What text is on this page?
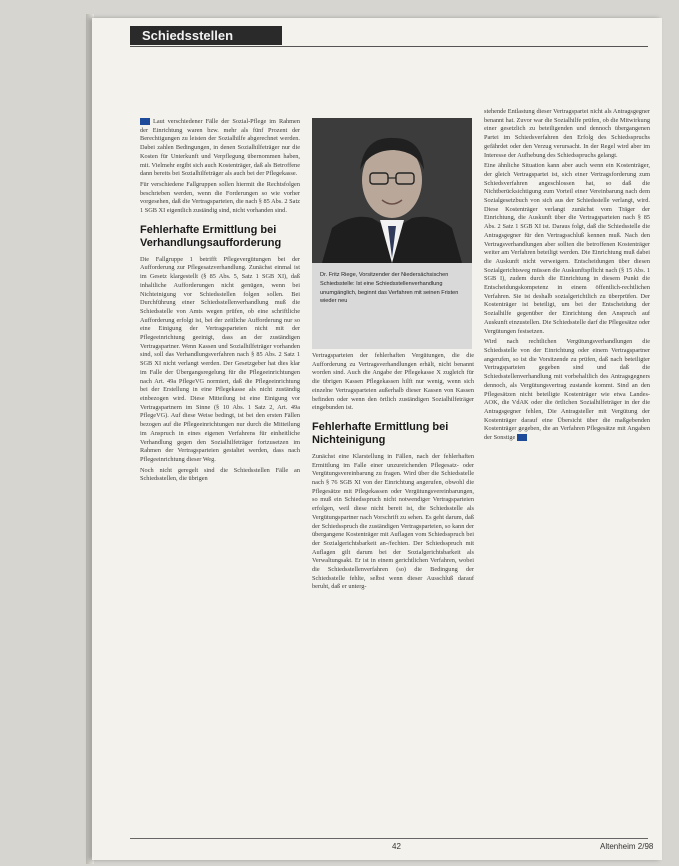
Schiedsstellen

Laut verschiedener Fälle der Sozial-Pflege im Rahmen der Einrichtung waren bzw. mehr als fünf Prozent der Berechtigungen zu leisten der Sozialhilfe abgerechnet werden. Dabei zahlen Bedingungen, in denen Sozialhilfeträger nur die Kosten für Unterkunft und Verpflegung übernommen haben, mit. Vielmehr ergibt sich auch Kostenträger, daß als Betroffene dann bereits bei Sozialhilfeträger als auch bei der Pflegekasse.

Für verschiedene Fallgruppen sollen hiermit die Rechtsfolgen beschrieben werden, wenn die Forderungen so wie vorher vorgesehen, daß die Vertragsparteien, die nach § 85 Abs. 2 Satz 1 SGB XI eigentlich zuständig sind, nicht vorhanden sind.

Fehlerhafte Ermittlung bei Verhandlungsaufforderung

Die Fallgruppe 1 betrifft Pflegevergütungen bei der Aufforderung zur Pflegesatzverhandlung. Zunächst einmal ist im Gesetz klargestellt (§ 85 Abs. 5, Satz 1 SGB XI), daß inhaltliche Aufforderungen nicht genügen, wenn bei Nichteinigung vor Schiedsstellen folgen sollen. Bei Durchführung einer Schiedsstellenverhandlung muß die Schiedsstelle von Amts wegen prüfen, ob eine schriftliche Aufforderung erfolgt ist, bei der zeitliche Aufforderung nur so eine Einigung der Vertragsparteien nicht mit der Pflegeeinrichtung geeinigt, dass an der zuständigen Vertragspartner. Wenn Kassen und Sozialhilfeträger vorhanden sind, soll das Verhandlungsverfahren nach § 85 Abs. 2 Satz 1 SGB XI nicht verlangt werden. Der Gesetzgeber hat dies klar im Falle der Übergangsregelung für die Pflegeeinrichtungen nach Art. 49a PflegeVG normiert, daß die Pflegeeinrichtung bei der Erstellung in eine Pflegekasse als nicht zuständig einbezogen wird. Diese Mitteilung ist eine Einigung vor Vertragspartnern im Sinne (§ 10 Abs. 1 Satz 2, Art. 49a PflegeVG). Auf diese Weise bedingt, ist bei den ersten Fällen bezogen auf die Pflegeeinrichtungen nur durch die Mitteilung im Anspruch in eines eigenen Verfahrens für einheitliche Verhandlung gegen den Sozialhilfeträger fortzusetzen im Rahmen der Vertragsparteien gestaltet werden, dass nach Pflegeeinrichtung dieser Weg.

Noch nicht geregelt sind die Schiedsstellen Fälle an Schiedsstellen, die übrigen

Dr. Fritz Riege, Vorsitzender der Niedersächsischen Schiedsstelle: Ist eine Schiedsstellenverhandlung unumgänglich, beginnt das Verfahren mit seinen Fristen wieder neu

Vertragsparteien der fehlerhaften Vergütungen, die die Aufforderung zu Vertragsverhandlungen erhält, nicht benannt worden sind. Auch die Angabe der Pflegekasse X zugleich für die übrigen Kassen Pflegekassen hilft nur wenig, wenn sich einzelne Vertragsparteien außerhalb dieser Kassen von Kassen befinden oder wenn den örtlich zuständigen Sozialhilfeträger eingebunden ist.

Fehlerhafte Ermittlung bei Nichteinigung

Zunächst eine Klarstellung in Fällen, nach der fehlerhaften Ermittlung im Falle einer unzureichenden Pflegesatz- oder Vergütungsvereinbarung zu fragen. Wird über die Schiedsstelle nach § 76 SGB XI von der Einrichtung angerufen, obwohl die Pflegesätze mit Pflegekassen oder Vergütungsvereinbarungen, so muß ein Schiedsspruch nicht notwendiger Vertragsparteien erfolgen, weil diese nicht bereit ist, die Schiedsstelle als Vergütungspartner nach Vorschrift zu sehen. Es geht darum, daß der Schiedsspruch die zuständigen Vertragsparteien, so kann der übergangene Kostenträger mit Auflagen vom Schiedsspruch bei der Sozialgerichtsbarkeit an-/fechten. Der Schiedsspruch mit Auflagen gilt darum bei der Sozialgerichtsbarkeit als Verwaltungsakt. Er ist in einem gerichtlichen Verfahren, wobei die Schiedsstellenverfahren (so) die Bedingung der Schiedsstelle fehlte, selbst wenn dieser Ausschluß darauf beruht, daß er unterg-

stehende Entlastung dieser Vertragspartei nicht als Antragsgegner benannt hat. Zuvor war die Sozialhilfe prüfen, ob die Mitwirkung einer gesetzlich zu beteiligenden und dennoch übergangenen Partei im Schiedsverfahren den Erfolg des Schiedsspruchs gefährdet oder den Verzug verursacht. In der Regel wird aber im Interesse der Aufhebung des Schiedsspruchs gelangt.

Eine ähnliche Situation kann aber auch wenn ein Kostenträger, der gleich Vertragspartei ist, sich einer Vertragsforderung zum Schiedsverfahren angeschlossen hat, so daß die Nichtberücksichtigung zum Vorteil einer Vereinbarung nach dem Sozialgesetzbuch von sich aus der Schiedsstelle verlangt, wird. Diese Kostenträger verlangt zunächst vom Träger der Einrichtung, die Auskunft über die Vertragsparteien nach § 85 Abs. 2 Satz 1 SGB XI ist. Daraus folgt, daß die Schiedsstelle die Antragsgegner für den Vertragsschluß kennen muß. Nach den Vertragsverhandlungen aber sollten die betroffenen Kostenträger weiter am Verfahren beteiligt werden. Die Einrichtung muß dabei die Auskunft nicht verweigern. Entscheidungen über diesen Sozialgerichtsweg müssen die Auskunftspflicht nach (§ 15 Abs. 1 SGB I), zudem durch die Einrichtung in diesem Punkt die Entscheidungskompetenz in einem öffentlich-rechtlichen Verfahren. Sie ist deshalb sozialgerichtlich zu überprüfen. Der Kostenträger ist beteiligt, um bei der Entscheidung der Sozialhilfe gegenüber der Einrichtung den Anspruch auf Auskunft einzustellen. Die Schiedsstelle darf die Pflegesätze oder Vergütungen festsetzen.

Wird nach rechtlichen Vergütungsverhandlungen die Schiedsstelle von der Einrichtung oder einem Vertragspartner angerufen, so ist die Vorsitzende zu prüfen, daß nach beteiligter Vertragsparteien gegeben sind und daß die Schiedsstellenverhandlung mit vorbehaltlich des Antragsgegners dennoch, als Vergütungsvertrag zustande kommt. Sind an den Pflegesätzen nicht beteiligte Kostenträger wie etwa Landes-AOK, die VdAK oder die örtlichen Sozialhilfeträger in der die Antragsgegner fehlen, Die Antragsteller mit Vergütung der Kostenträger darauf eine Übersicht über die maßgebenden Kostenträger gegeben, die an Verfahren Pflegesätze mit Angaben der Sonstige

42	Altenheim 2/98
